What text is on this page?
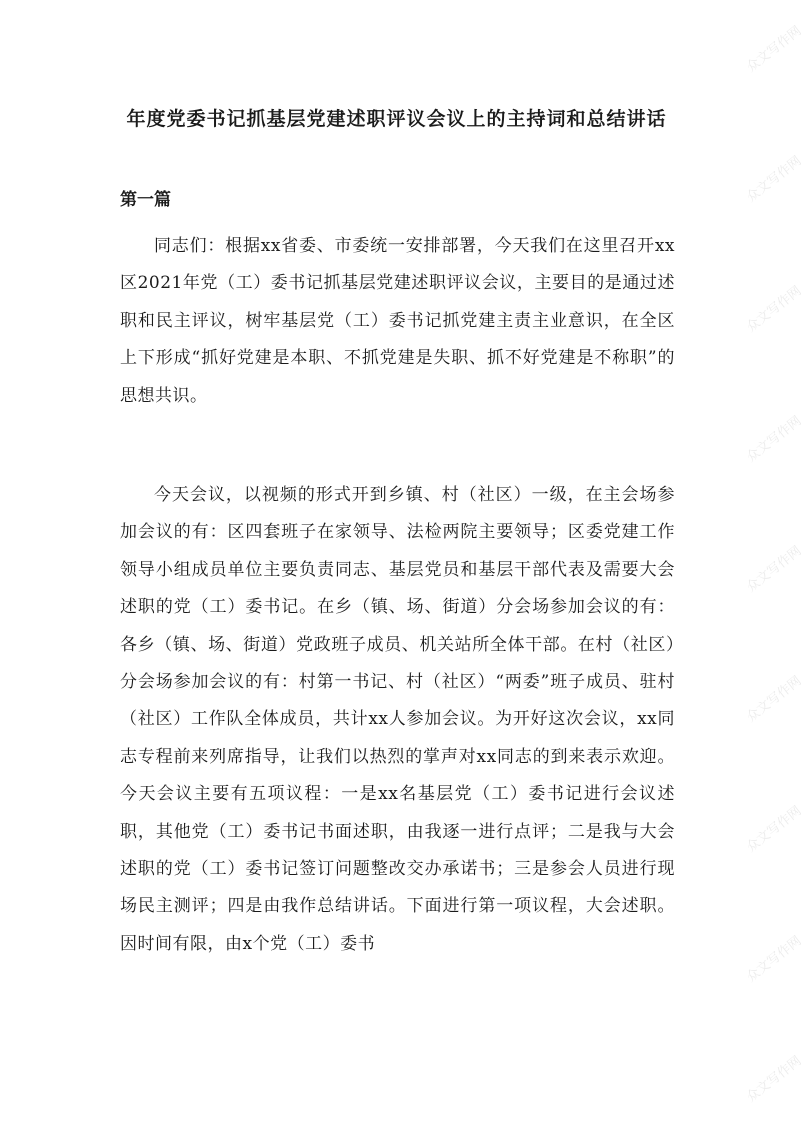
年度党委书记抓基层党建述职评议会议上的主持词和总结讲话
第一篇

同志们：根据xx省委、市委统一安排部署，今天我们在这里召开xx区2021年党（工）委书记抓基层党建述职评议会议，主要目的是通过述职和民主评议，树牢基层党（工）委书记抓党建主责主业意识，在全区上下形成“抓好党建是本职、不抓党建是失职、抓不好党建是不称职”的思想共识。

今天会议，以视频的形式开到乡镇、村（社区）一级，在主会场参加会议的有：区四套班子在家领导、法检两院主要领导；区委党建工作领导小组成员单位主要负责同志、基层党员和基层干部代表及需要大会述职的党（工）委书记。在乡（镇、场、街道）分会场参加会议的有：各乡（镇、场、街道）党政班子成员、机关站所全体干部。在村（社区）分会场参加会议的有：村第一书记、村（社区）“两委”班子成员、驻村（社区）工作队全体成员，共计xx人参加会议。为开好这次会议，xx同志专程前来列席指导，让我们以热烈的掌声对xx同志的到来表示欢迎。今天会议主要有五项议程：一是xx名基层党（工）委书记进行会议述职，其他党（工）委书记书面述职，由我逐一进行点评；二是我与大会述职的党（工）委书记签订问题整改交办承诺书；三是参会人员进行现场民主测评；四是由我作总结讲话。下面进行第一项议程，大会述职。因时间有限，由x个党（工）委书

众文写作网
众文写作网
众文写作网
众文写作网
众文写作网
众文写作网
众文写作网
众文写作网
众文写作网
